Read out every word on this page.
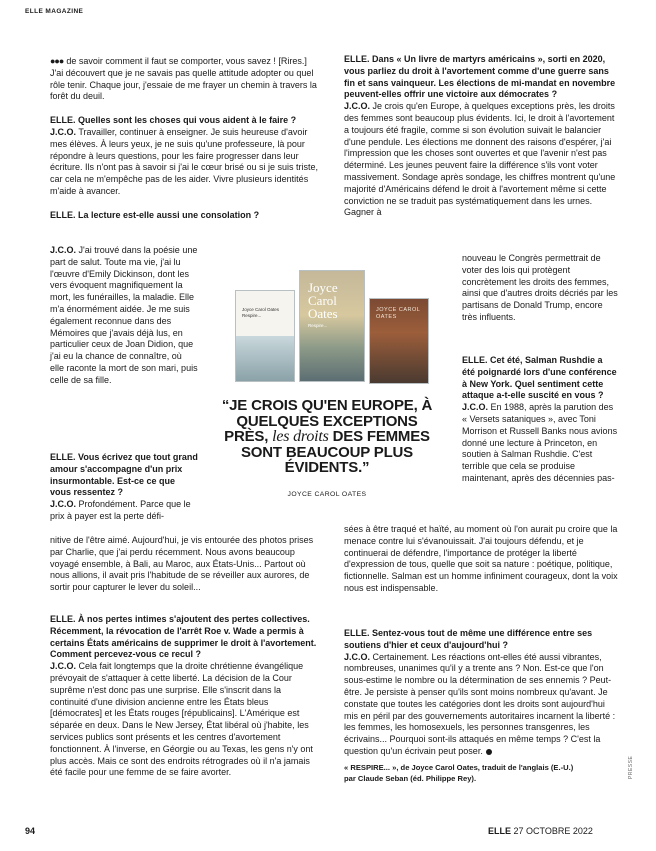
ELLE MAGAZINE

●●● de savoir comment il faut se comporter, vous savez ! [Rires.] J'ai découvert que je ne savais pas quelle attitude adopter ou quel rôle tenir. Chaque jour, j'essaie de me frayer un chemin à travers la forêt du deuil.

ELLE. Quelles sont les choses qui vous aident à le faire ?

J.C.O. Travailler, continuer à enseigner. Je suis heureuse d'avoir mes élèves. À leurs yeux, je ne suis qu'une professeure, là pour répondre à leurs questions, pour les faire progresser dans leur écriture. Ils n'ont pas à savoir si j'ai le cœur brisé ou si je suis triste, car cela ne m'empêche pas de les aider. Vivre plusieurs identités m'aide à avancer.

ELLE. La lecture est-elle aussi une consolation ?

J.C.O. J'ai trouvé dans la poésie une part de salut. Toute ma vie, j'ai lu l'œuvre d'Emily Dickinson, dont les vers évoquent magnifiquement la mort, les funérailles, la maladie. Elle m'a énormément aidée. Je me suis également reconnue dans des Mémoires que j'avais déjà lus, en particulier ceux de Joan Didion, que j'ai eu la chance de connaître, où elle raconte la mort de son mari, puis celle de sa fille.
ELLE. Vous écrivez que tout grand amour s'accompagne d'un prix insurmontable. Est-ce ce que vous ressentez ?
J.C.O. Profondément. Parce que le prix à payer est la perte défi-
nitive de l'être aimé. Aujourd'hui, je vis entourée des photos prises par Charlie, que j'ai perdu récemment. Nous avons beaucoup voyagé ensemble, à Bali, au Maroc, aux États-Unis... Partout où nous allions, il avait pris l'habitude de se réveiller aux aurores, de sortir pour capturer le lever du soleil...
ELLE. À nos pertes intimes s'ajoutent des pertes collectives. Récemment, la révocation de l'arrêt Roe v. Wade a permis à certains États américains de supprimer le droit à l'avortement. Comment percevez-vous ce recul ?
J.C.O. Cela fait longtemps que la droite chrétienne évangélique prévoyait de s'attaquer à cette liberté. La décision de la Cour suprême n'est donc pas une surprise. Elle s'inscrit dans la continuité d'une division ancienne entre les États bleus [démocrates] et les États rouges [républicains]. L'Amérique est séparée en deux. Dans le New Jersey, État libéral où j'habite, les services publics sont présents et les centres d'avortement fonctionnent. À l'inverse, en Géorgie ou au Texas, les gens n'y ont plus accès. Mais ce sont des endroits rétrogrades où il n'a jamais été facile pour une femme de se faire avorter.

ELLE. Dans « Un livre de martyrs américains », sorti en 2020, vous parliez du droit à l'avortement comme d'une guerre sans fin et sans vainqueur. Les élections de mi-mandat en novembre peuvent-elles offrir une victoire aux démocrates ?

J.C.O. Je crois qu'en Europe, à quelques exceptions près, les droits des femmes sont beaucoup plus évidents. Ici, le droit à l'avortement a toujours été fragile, comme si son évolution suivait le balancier d'une pendule. Les élections me donnent des raisons d'espérer, j'ai l'impression que les choses sont ouvertes et que l'avenir n'est pas déterminé. Les jeunes peuvent faire la différence s'ils vont voter massivement. Sondage après sondage, les chiffres montrent qu'une majorité d'Américains défend le droit à l'avortement même si cette conviction ne se traduit pas systématiquement dans les urnes. Gagner à

nouveau le Congrès permettrait de voter des lois qui protègent concrètement les droits des femmes, ainsi que d'autres droits décriés par les partisans de Donald Trump, encore très influents.
ELLE. Cet été, Salman Rushdie a été poignardé lors d'une conférence à New York. Quel sentiment cette attaque a-t-elle suscité en vous ?
J.C.O. En 1988, après la parution des « Versets sataniques », avec Toni Morrison et Russell Banks nous avions donné une lecture à Princeton, en soutien à Salman Rushdie. C'est terrible que cela se produise maintenant, après des décennies pas-
sées à être traqué et haïté, au moment où l'on aurait pu croire que la menace contre lui s'évanouissait. J'ai toujours défendu, et je continuerai de défendre, l'importance de protéger la liberté d'expression de tous, quelle que soit sa nature : poétique, politique, fictionnelle. Salman est un homme infiniment courageux, dont la voix nous est indispensable.
ELLE. Sentez-vous tout de même une différence entre ses soutiens d'hier et ceux d'aujourd'hui ?
J.C.O. Certainement. Les réactions ont-elles été aussi vibrantes, nombreuses, unanimes qu'il y a trente ans ? Non. Est-ce que l'on sous-estime le nombre ou la détermination de ses ennemis ? Peut-être. Je persiste à penser qu'ils sont moins nombreux qu'avant. Je constate que toutes les catégories dont les droits sont aujourd'hui mis en péril par des gouvernements autoritaires incarnent la liberté : les femmes, les homosexuels, les personnes transgenres, les écrivains... Pourquoi sont-ils attaqués en même temps ? C'est la question qu'un écrivain peut poser.
« RESPIRE... », de Joyce Carol Oates, traduit de l'anglais (E.-U.)
par Claude Seban (éd. Philippe Rey).
Joyce Carol Oates
Respire...
Joyce
Carol
Oates
Respire...
JOYCE CAROL
OATES
“JE CROIS QU'EN EUROPE, À QUELQUES EXCEPTIONS PRÈS, les droits DES FEMMES SONT BEAUCOUP PLUS ÉVIDENTS.”
JOYCE CAROL OATES
94	ELLE 27 OCTOBRE 2022
PRESSE
